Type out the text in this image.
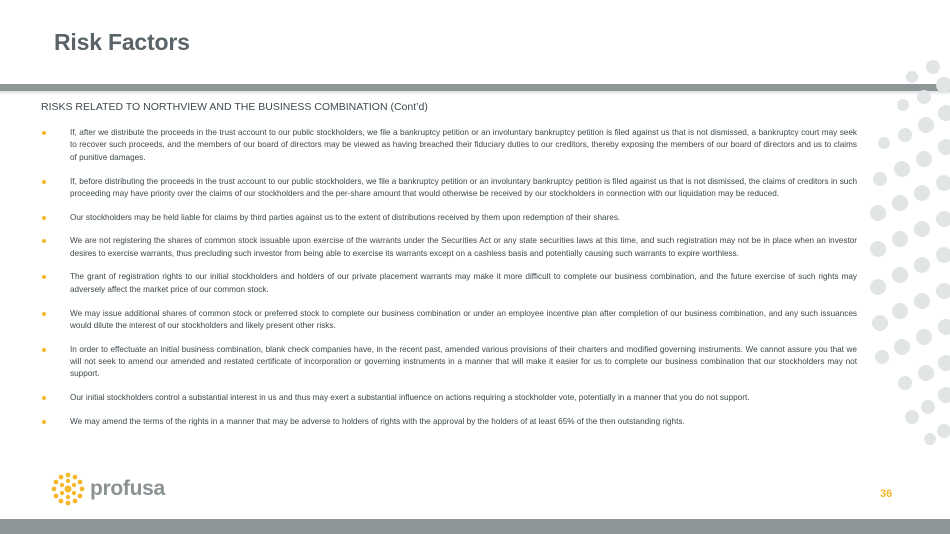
Risk Factors

RISKS RELATED TO NORTHVIEW AND THE BUSINESS COMBINATION (Cont’d)

If, after we distribute the proceeds in the trust account to our public stockholders, we file a bankruptcy petition or an involuntary bankruptcy petition is filed against us that is not dismissed, a bankruptcy court may seek to recover such proceeds, and the members of our board of directors may be viewed as having breached their fiduciary duties to our creditors, thereby exposing the members of our board of directors and us to claims of punitive damages.
If, before distributing the proceeds in the trust account to our public stockholders, we file a bankruptcy petition or an involuntary bankruptcy petition is filed against us that is not dismissed, the claims of creditors in such proceeding may have priority over the claims of our stockholders and the per-share amount that would otherwise be received by our stockholders in connection with our liquidation may be reduced.
Our stockholders may be held liable for claims by third parties against us to the extent of distributions received by them upon redemption of their shares.
We are not registering the shares of common stock issuable upon exercise of the warrants under the Securities Act or any state securities laws at this time, and such registration may not be in place when an investor desires to exercise warrants, thus precluding such investor from being able to exercise its warrants except on a cashless basis and potentially causing such warrants to expire worthless.
The grant of registration rights to our initial stockholders and holders of our private placement warrants may make it more difficult to complete our business combination, and the future exercise of such rights may adversely affect the market price of our common stock.
We may issue additional shares of common stock or preferred stock to complete our business combination or under an employee incentive plan after completion of our business combination, and any such issuances would dilute the interest of our stockholders and likely present other risks.
In order to effectuate an initial business combination, blank check companies have, in the recent past, amended various provisions of their charters and modified governing instruments. We cannot assure you that we will not seek to amend our amended and restated certificate of incorporation or governing instruments in a manner that will make it easier for us to complete our business combination that our stockholders may not support.
Our initial stockholders control a substantial interest in us and thus may exert a substantial influence on actions requiring a stockholder vote, potentially in a manner that you do not support.
We may amend the terms of the rights in a manner that may be adverse to holders of rights with the approval by the holders of at least 65% of the then outstanding rights.
profusa	36
